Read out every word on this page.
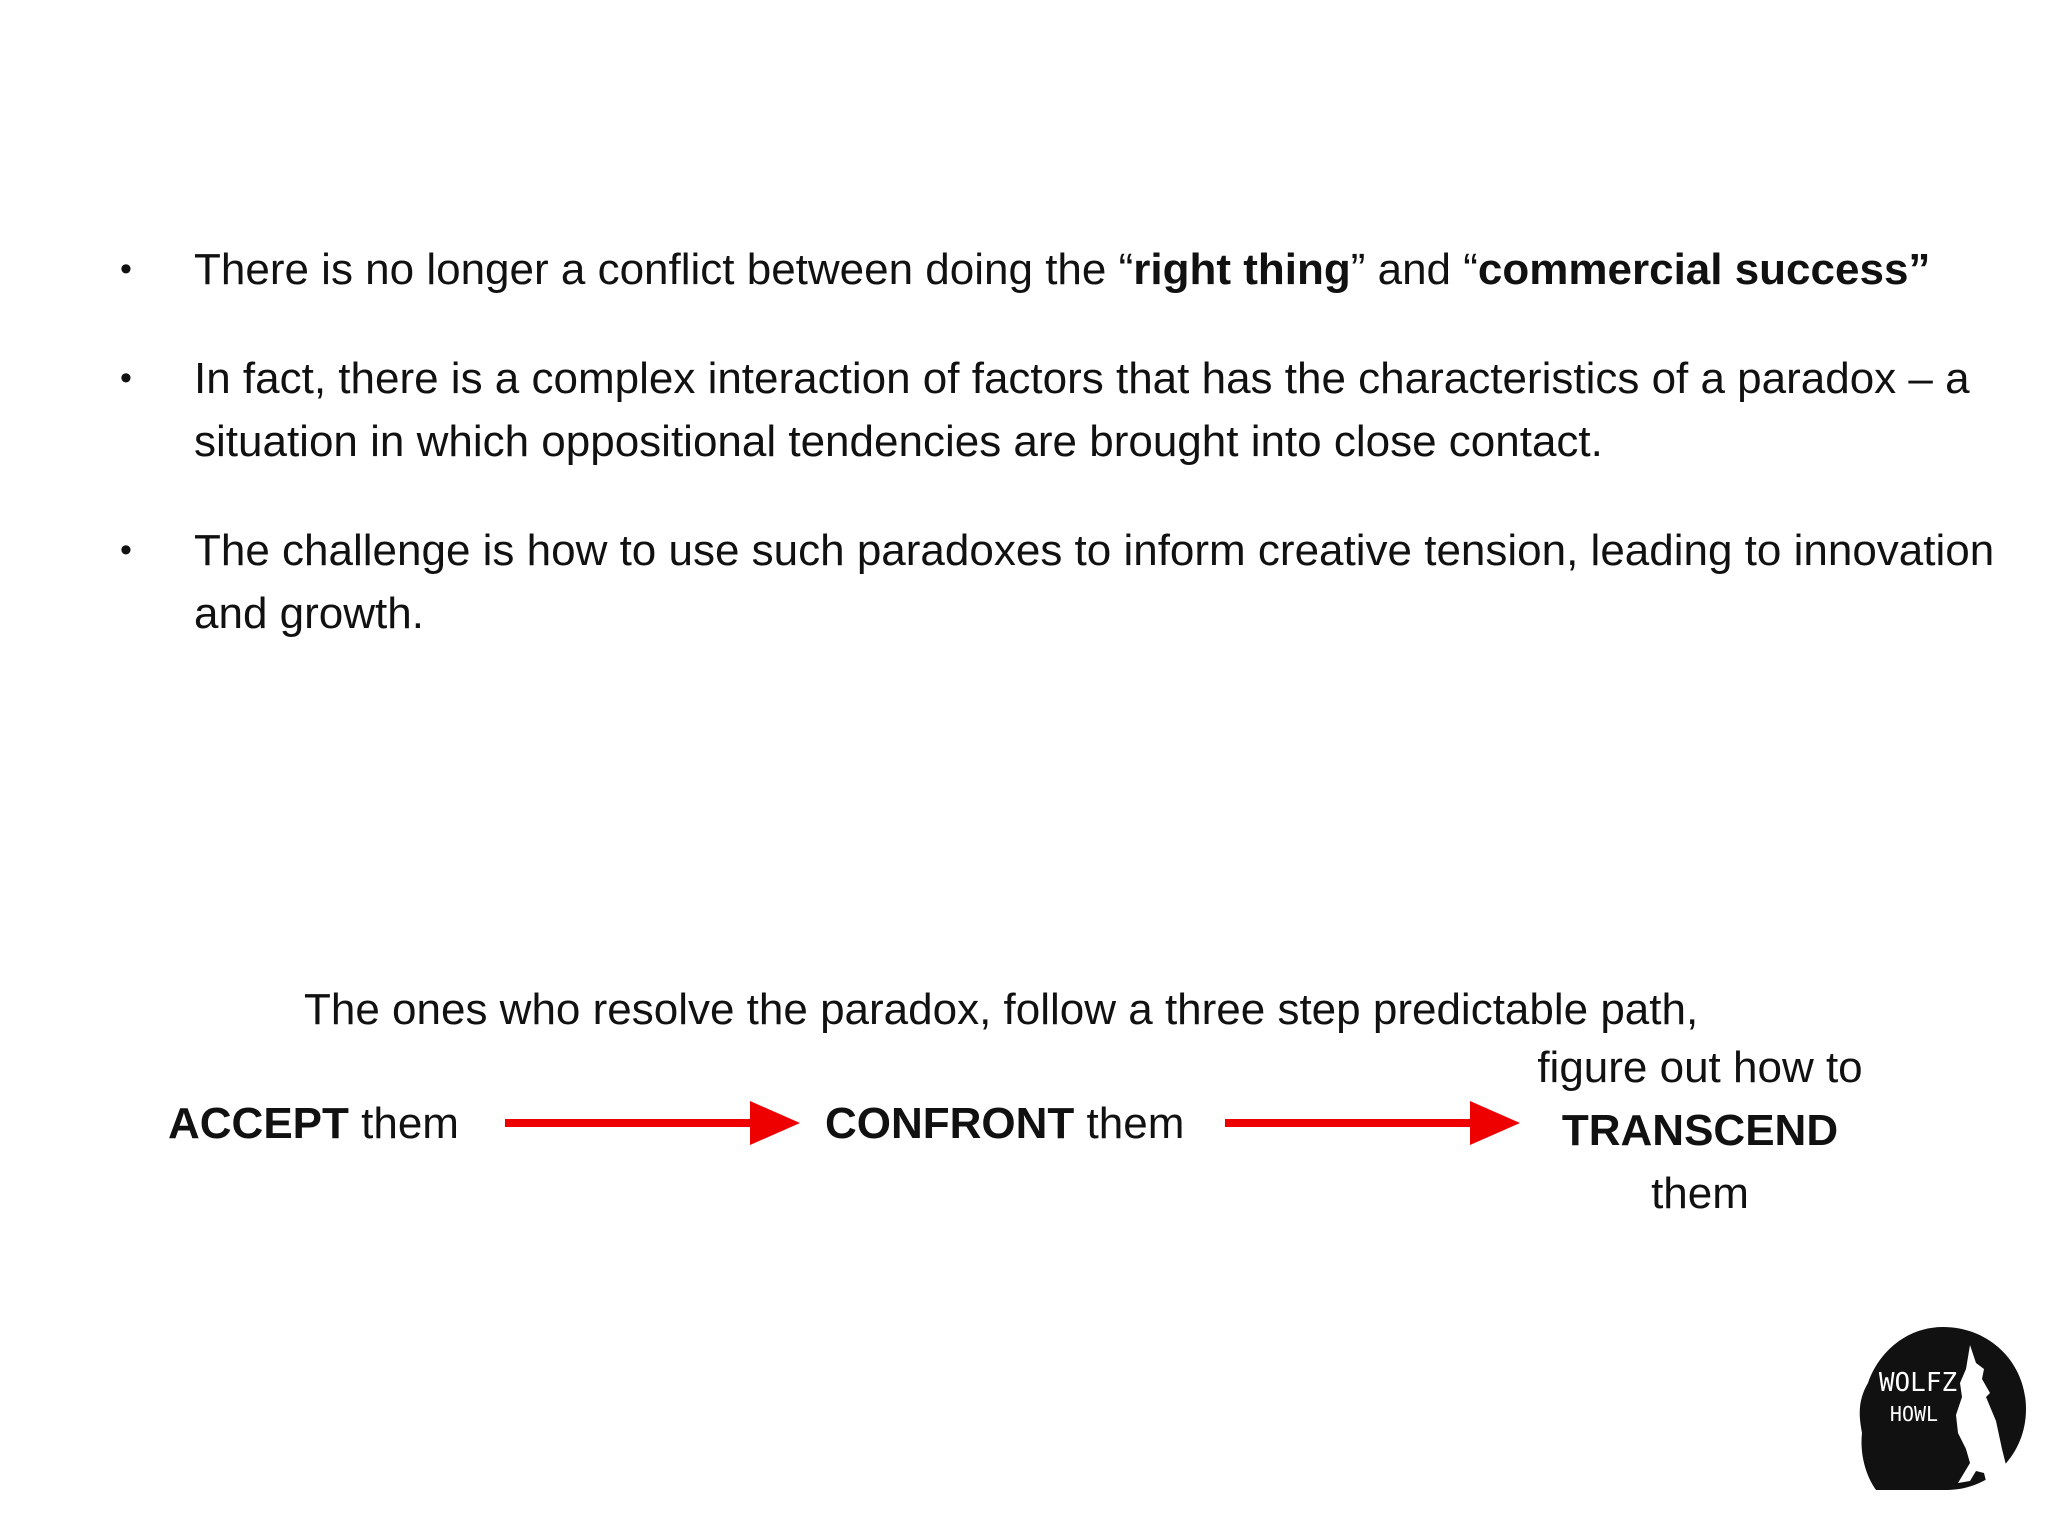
• There is no longer a conflict between doing the “right thing” and “commercial success”
• In fact, there is a complex interaction of factors that has the characteristics of a paradox – a situation in which oppositional tendencies are brought into close contact.
• The challenge is how to use such paradoxes to inform creative tension, leading to innovation and growth.
The ones who resolve the paradox, follow a three step predictable path,
ACCEPT them	CONFRONT them
figure out how to
TRANSCEND
them
WOLFZ
HOWL
